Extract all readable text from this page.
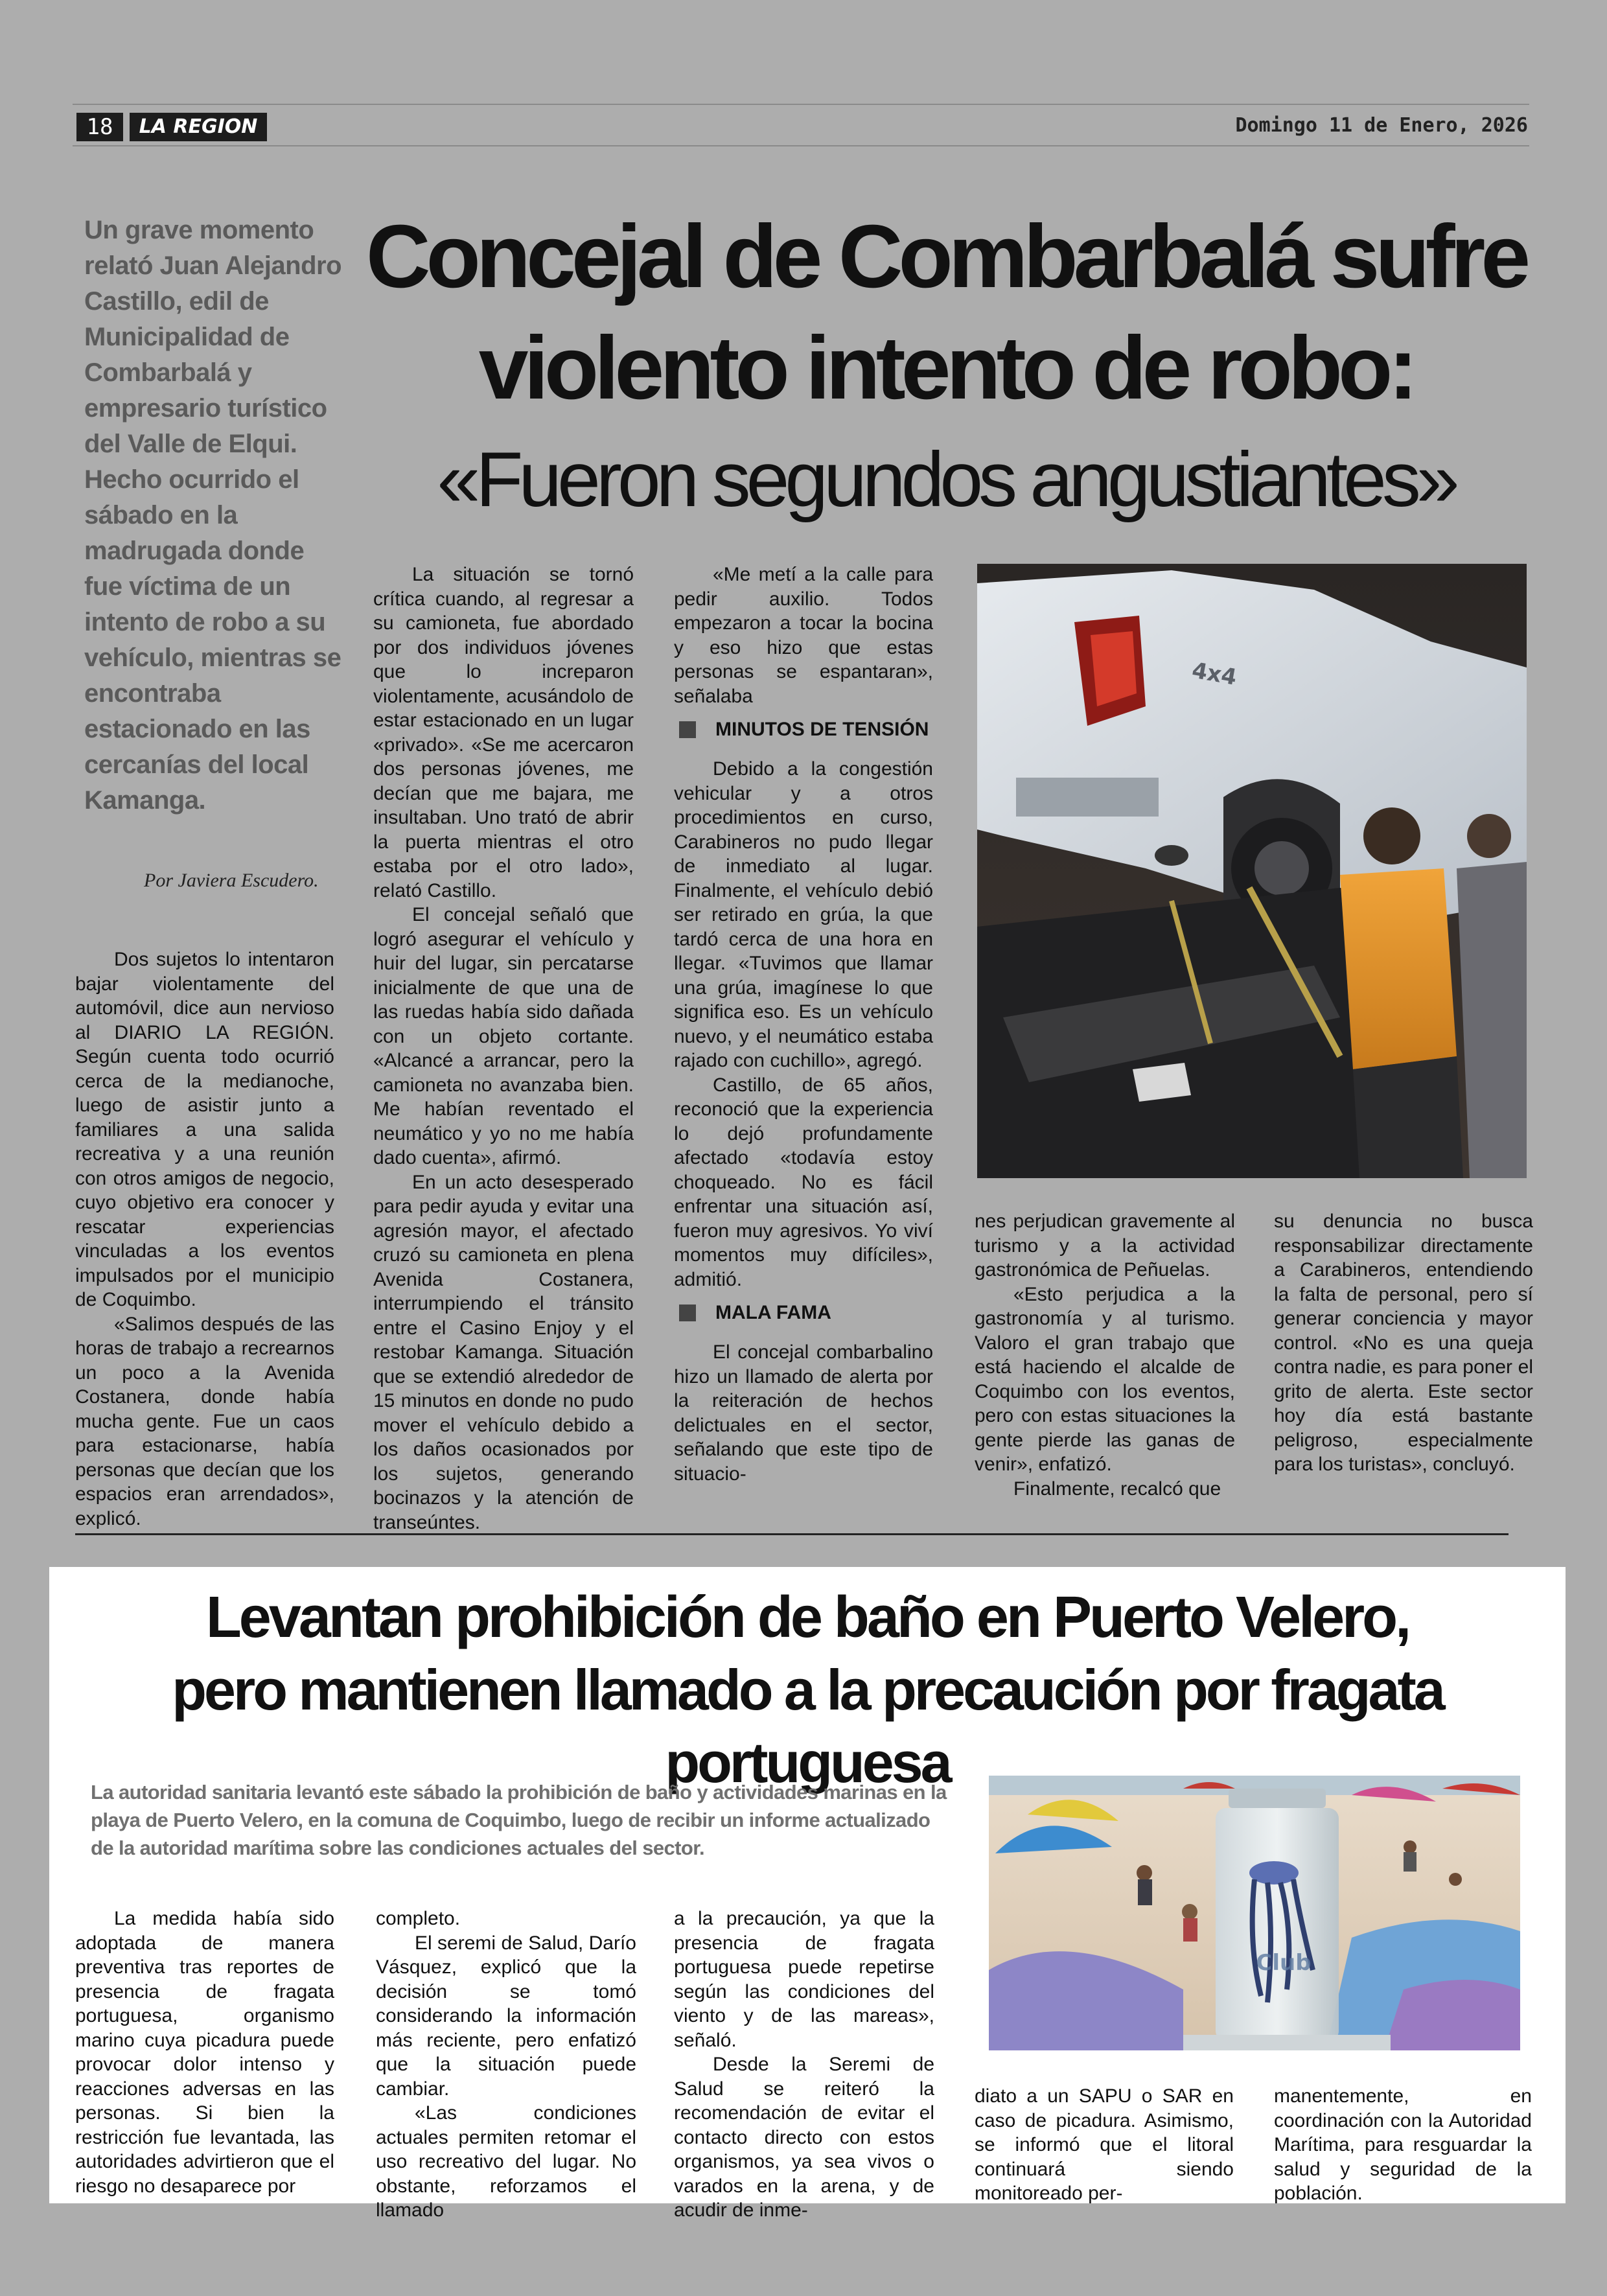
18	LA REGION	Domingo 11 de Enero, 2026
Un grave momento relató Juan Alejandro Castillo, edil de Municipalidad de Combarbalá y empresario turístico del Valle de Elqui. Hecho ocurrido el sábado en la madrugada donde fue víctima de un intento de robo a su vehículo, mientras se encontraba estacionado en las cercanías del local Kamanga.
Concejal de Combarbalá sufre
violento intento de robo:
«Fueron segundos angustiantes»
Por Javiera Escudero.

Dos sujetos lo intentaron bajar violentamente del automóvil, dice aun nervioso al DIARIO LA REGIÓN. Según cuenta todo ocurrió cerca de la medianoche, luego de asistir junto a familiares a una salida recreativa y a una reunión con otros amigos de negocio, cuyo objetivo era conocer y rescatar experiencias vinculadas a los eventos impulsados por el municipio de Coquimbo.

«Salimos después de las horas de trabajo a recrearnos un poco a la Avenida Costanera, donde había mucha gente. Fue un caos para estacionarse, había personas que decían que los espacios eran arrendados», explicó.

La situación se tornó crítica cuando, al regresar a su camioneta, fue abordado por dos individuos jóvenes que lo increparon violentamente, acusándolo de estar estacionado en un lugar «privado». «Se me acercaron dos personas jóvenes, me decían que me bajara, me insultaban. Uno trató de abrir la puerta mientras el otro estaba por el otro lado», relató Castillo.

El concejal señaló que logró asegurar el vehículo y huir del lugar, sin percatarse inicialmente de que una de las ruedas había sido dañada con un objeto cortante. «Alcancé a arrancar, pero la camioneta no avanzaba bien. Me habían reventado el neumático y yo no me había dado cuenta», afirmó.

En un acto desesperado para pedir ayuda y evitar una agresión mayor, el afectado cruzó su camioneta en plena Avenida Costanera, interrumpiendo el tránsito entre el Casino Enjoy y el restobar Kamanga. Situación que se extendió alrededor de 15 minutos en donde no pudo mover el vehículo debido a los daños ocasionados por los sujetos, generando bocinazos y la atención de transeúntes.

«Me metí a la calle para pedir auxilio. Todos empezaron a tocar la bocina y eso hizo que estas personas se espantaran», señalaba

MINUTOS DE TENSIÓN

Debido a la congestión vehicular y a otros procedimientos en curso, Carabineros no pudo llegar de inmediato al lugar. Finalmente, el vehículo debió ser retirado en grúa, la que tardó cerca de una hora en llegar. «Tuvimos que llamar una grúa, imagínese lo que significa eso. Es un vehículo nuevo, y el neumático estaba rajado con cuchillo», agregó.

Castillo, de 65 años, reconoció que la experiencia lo dejó profundamente afectado «todavía estoy choqueado. No es fácil enfrentar una situación así, fueron muy agresivos. Yo viví momentos muy difíciles», admitió.

MALA FAMA

El concejal combarbalino hizo un llamado de alerta por la reiteración de hechos delictuales en el sector, señalando que este tipo de situacio-

4x4

nes perjudican gravemente al turismo y a la actividad gastronómica de Peñuelas.

«Esto perjudica a la gastronomía y al turismo. Valoro el gran trabajo que está haciendo el alcalde de Coquimbo con los eventos, pero con estas situaciones la gente pierde las ganas de venir», enfatizó.

Finalmente, recalcó que

su denuncia no busca responsabilizar directamente a Carabineros, entendiendo la falta de personal, pero sí generar conciencia y mayor control. «No es una queja contra nadie, es para poner el grito de alerta. Este sector hoy día está bastante peligroso, especialmente para los turistas», concluyó.

Levantan prohibición de baño en Puerto Velero,
pero mantienen llamado a la precaución por fragata portuguesa
La autoridad sanitaria levantó este sábado la prohibición de baño y actividades marinas en la playa de Puerto Velero, en la comuna de Coquimbo, luego de recibir un informe actualizado de la autoridad marítima sobre las condiciones actuales del sector.

La medida había sido adoptada de manera preventiva tras reportes de presencia de fragata portuguesa, organismo marino cuya picadura puede provocar dolor intenso y reacciones adversas en las personas. Si bien la restricción fue levantada, las autoridades advirtieron que el riesgo no desaparece por

completo.

El seremi de Salud, Darío Vásquez, explicó que la decisión se tomó considerando la información más reciente, pero enfatizó que la situación puede cambiar.

«Las condiciones actuales permiten retomar el uso recreativo del lugar. No obstante, reforzamos el llamado

a la precaución, ya que la presencia de fragata portuguesa puede repetirse según las condiciones del viento y de las mareas», señaló.

Desde la Seremi de Salud se reiteró la recomendación de evitar el contacto directo con estos organismos, ya sea vivos o varados en la arena, y de acudir de inme-

Club

diato a un SAPU o SAR en caso de picadura. Asimismo, se informó que el litoral continuará siendo monitoreado per-

manentemente, en coordinación con la Autoridad Marítima, para resguardar la salud y seguridad de la población.
